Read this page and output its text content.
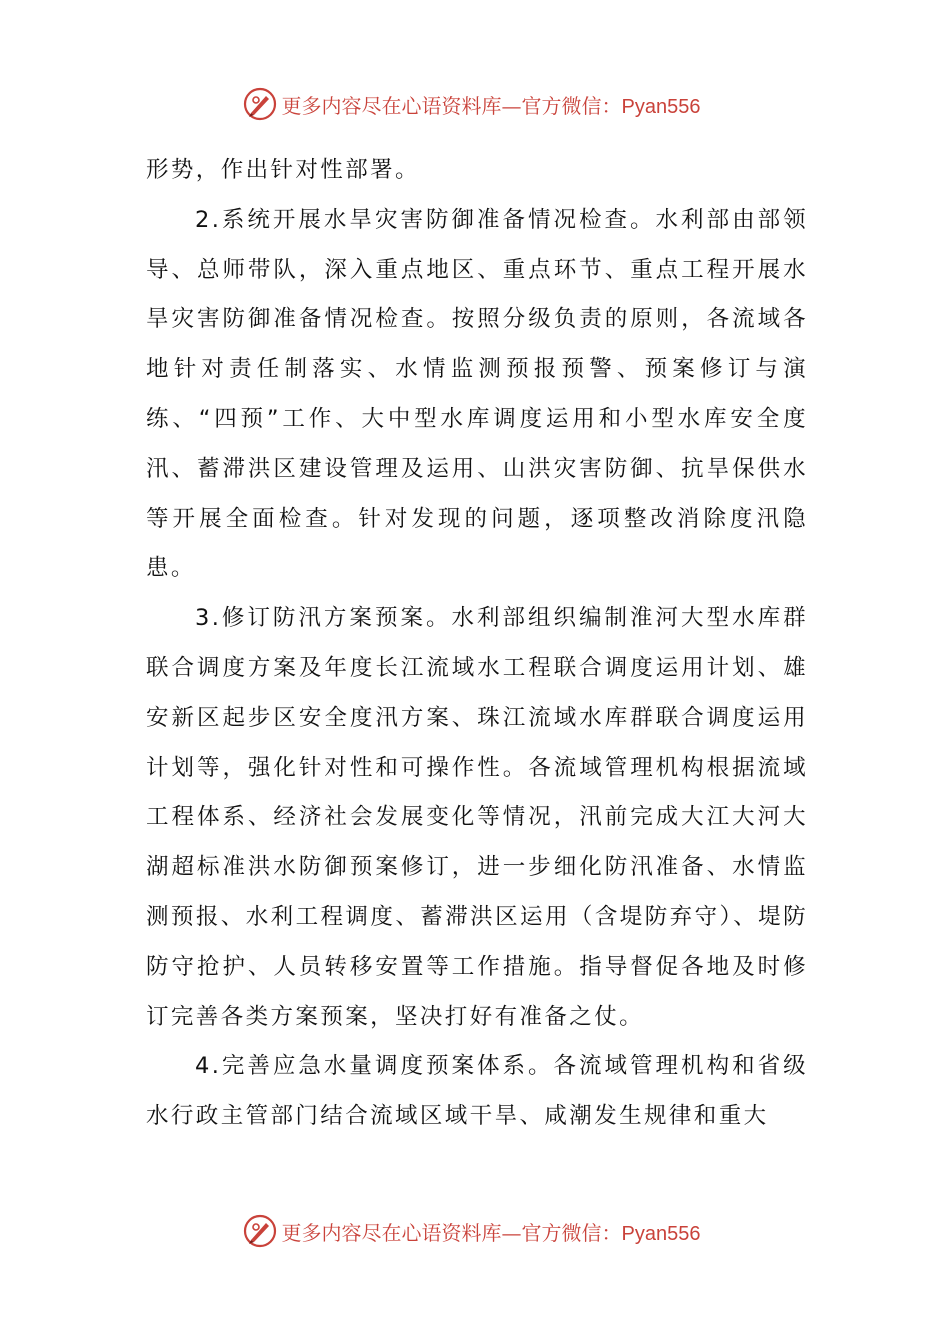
更多内容尽在心语资料库—官方微信：Pyan556

形势，作出针对性部署。

2.系统开展水旱灾害防御准备情况检查。水利部由部领导、总师带队，深入重点地区、重点环节、重点工程开展水旱灾害防御准备情况检查。按照分级负责的原则，各流域各地针对责任制落实、水情监测预报预警、预案修订与演练、“四预”工作、大中型水库调度运用和小型水库安全度汛、蓄滞洪区建设管理及运用、山洪灾害防御、抗旱保供水等开展全面检查。针对发现的问题，逐项整改消除度汛隐患。

3.修订防汛方案预案。水利部组织编制淮河大型水库群联合调度方案及年度长江流域水工程联合调度运用计划、雄安新区起步区安全度汛方案、珠江流域水库群联合调度运用计划等，强化针对性和可操作性。各流域管理机构根据流域工程体系、经济社会发展变化等情况，汛前完成大江大河大湖超标准洪水防御预案修订，进一步细化防汛准备、水情监测预报、水利工程调度、蓄滞洪区运用（含堤防弃守）、堤防防守抢护、人员转移安置等工作措施。指导督促各地及时修订完善各类方案预案，坚决打好有准备之仗。

4.完善应急水量调度预案体系。各流域管理机构和省级水行政主管部门结合流域区域干旱、咸潮发生规律和重大

更多内容尽在心语资料库—官方微信：Pyan556
